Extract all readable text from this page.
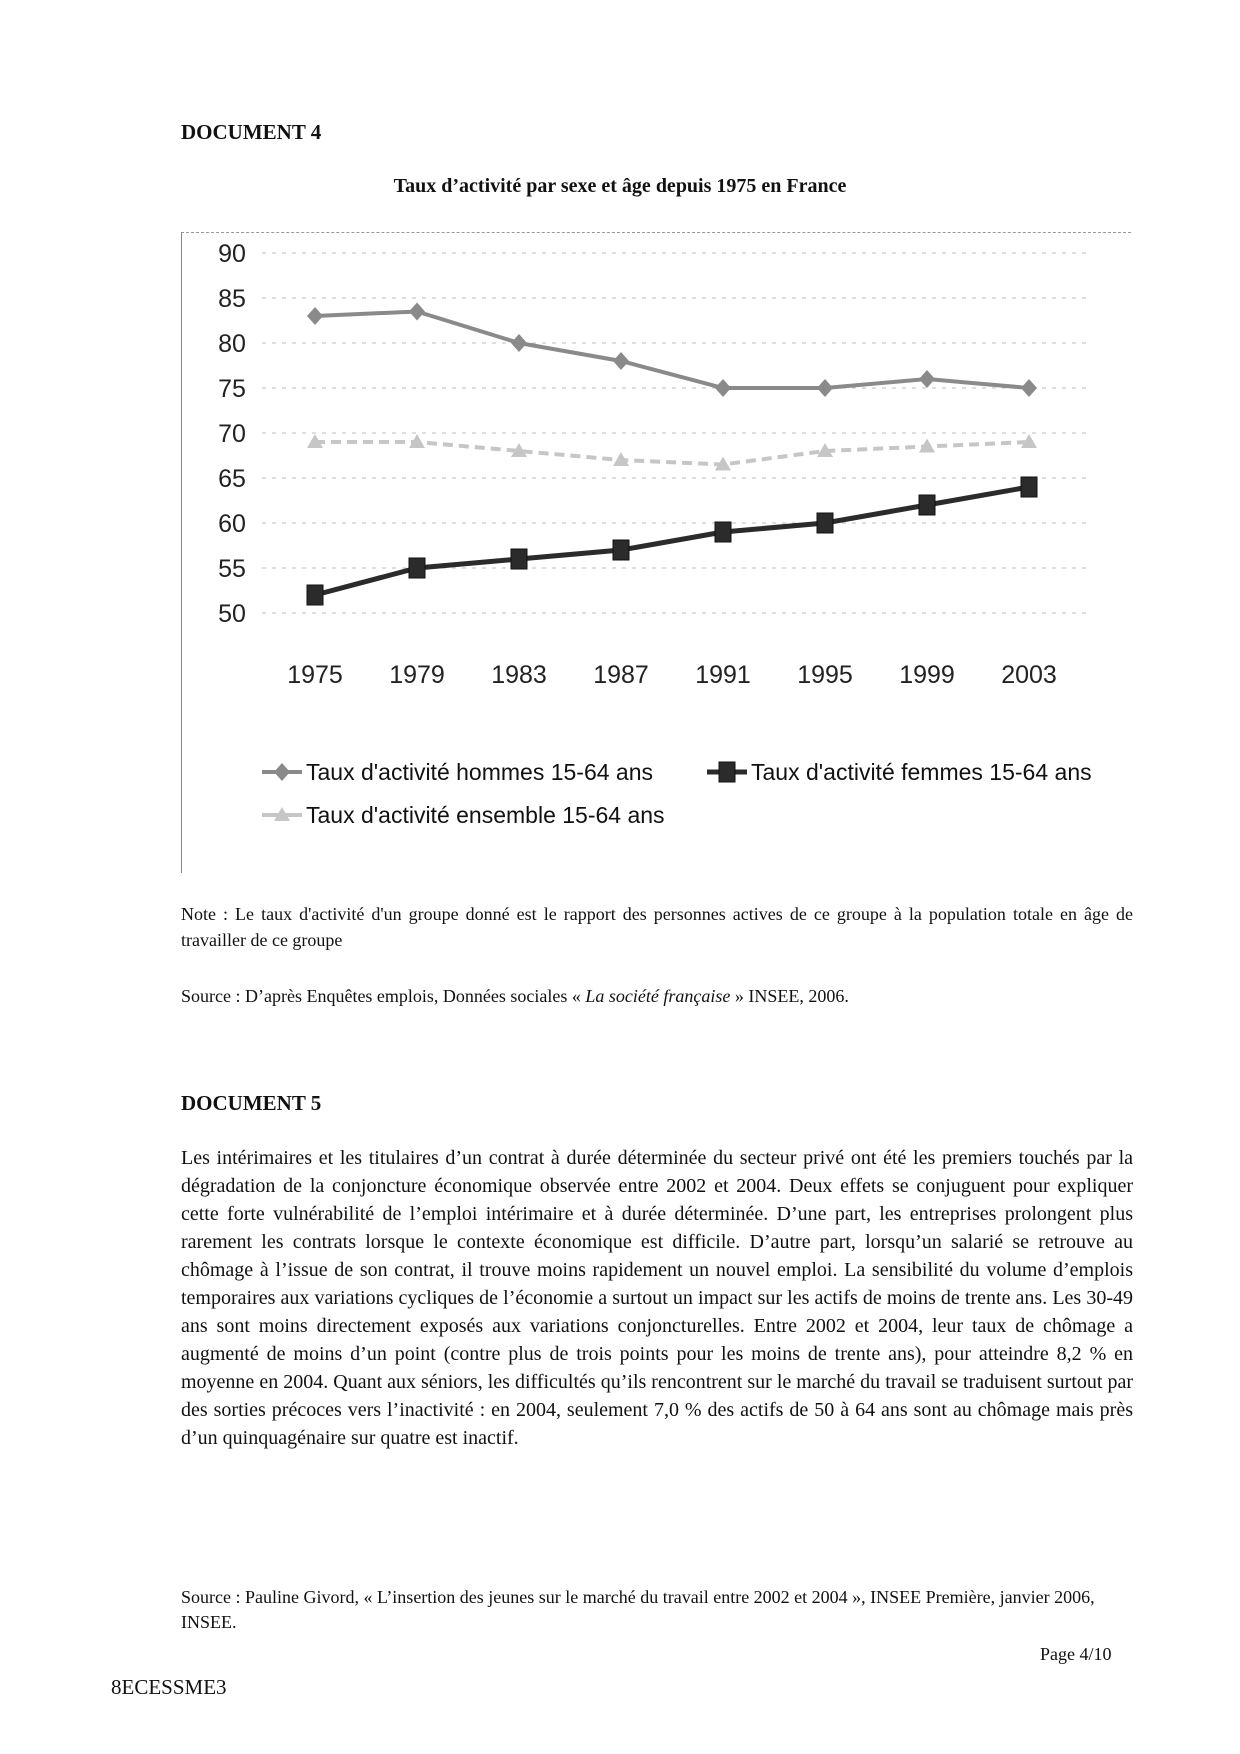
DOCUMENT 4
Taux d’activité par sexe et âge depuis 1975 en France
90
85
80
75
70
65
60
55
50
1975 1979 1983 1987 1991 1995 1999 2003
Taux d'activité hommes 15-64 ans	Taux d'activité femmes 15-64 ans
Taux d'activité ensemble 15-64 ans
Note : Le taux d'activité d'un groupe donné est le rapport des personnes actives de ce groupe à la population totale en âge de travailler de ce groupe
Source : D’après Enquêtes emplois, Données sociales « La société française » INSEE, 2006.
DOCUMENT 5
Les intérimaires et les titulaires d’un contrat à durée déterminée du secteur privé ont été les premiers touchés par la dégradation de la conjoncture économique observée entre 2002 et 2004. Deux effets se conjuguent pour expliquer cette forte vulnérabilité de l’emploi intérimaire et à durée déterminée. D’une part, les entreprises prolongent plus rarement les contrats lorsque le contexte économique est difficile. D’autre part, lorsqu’un salarié se retrouve au chômage à l’issue de son contrat, il trouve moins rapidement un nouvel emploi. La sensibilité du volume d’emplois temporaires aux variations cycliques de l’économie a surtout un impact sur les actifs de moins de trente ans. Les 30-49 ans sont moins directement exposés aux variations conjoncturelles. Entre 2002 et 2004, leur taux de chômage a augmenté de moins d’un point (contre plus de trois points pour les moins de trente ans), pour atteindre 8,2 % en moyenne en 2004. Quant aux séniors, les difficultés qu’ils rencontrent sur le marché du travail se traduisent surtout par des sorties précoces vers l’inactivité : en 2004, seulement 7,0 % des actifs de 50 à 64 ans sont au chômage mais près d’un quinquagénaire sur quatre est inactif.
Source : Pauline Givord, « L’insertion des jeunes sur le marché du travail entre 2002 et 2004 », INSEE Première, janvier 2006, INSEE.
Page 4/10
8ECESSME3
